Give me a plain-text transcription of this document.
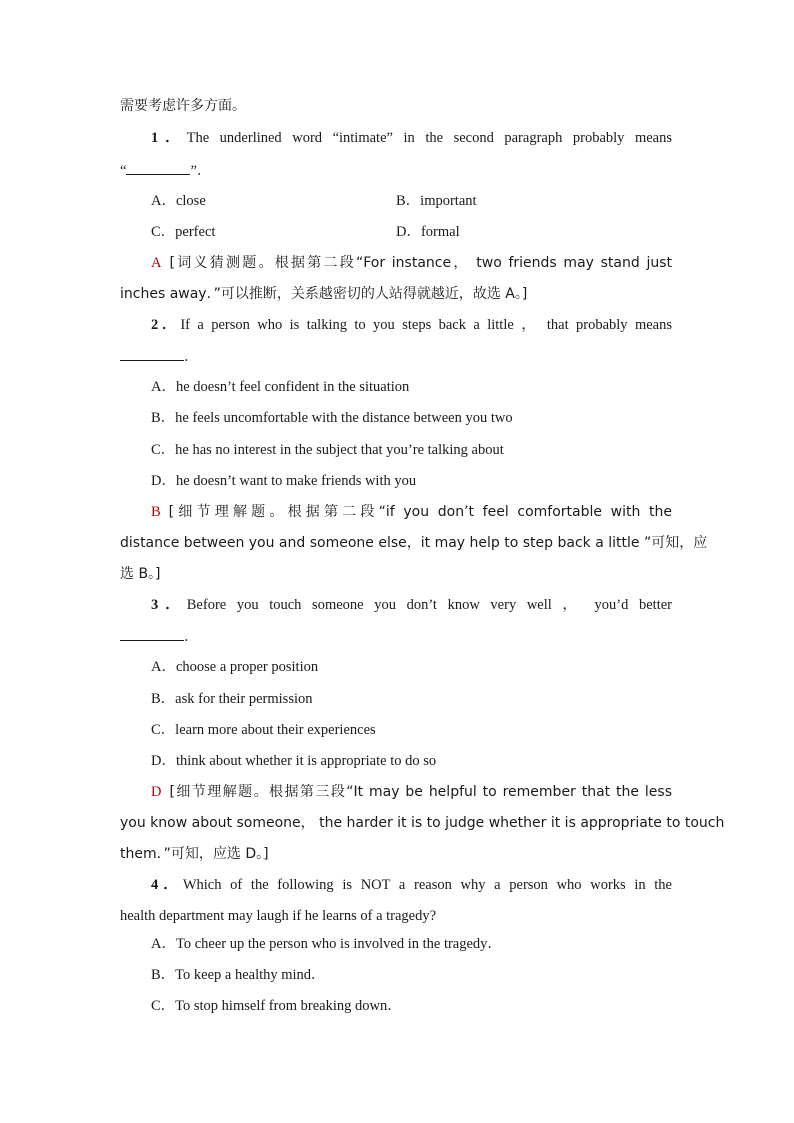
需要考虑许多方面。
1．The underlined word “intimate” in the second paragraph probably means
“	”．
A．close	B．important
C．perfect	D．formal
A [词义猜测题。根据第二段“For instance， two friends may stand just
inches away．”可以推断，关系越密切的人站得就越近，故选 A。]
2．If a person who is talking to you steps back a little ， that probably means
．
A．he doesn’t feel confident in the situation
B．he feels uncomfortable with the distance between you two
C．he has no interest in the subject that you’re talking about
D．he doesn’t want to make friends with you
B [细节理解题。根据第二段“if you don’t feel comfortable with the
distance between you and someone else，it may help to step back a little ”可知，应
选 B。]
3．Before you touch someone you don’t know very well ， you’d better
．
A．choose a proper position
B．ask for their permission
C．learn more about their experiences
D．think about whether it is appropriate to do so
D [细节理解题。根据第三段“It may be helpful to remember that the less
you know about someone， the harder it is to judge whether it is appropriate to touch
them．”可知，应选 D。]
4．Which of the following is NOT a reason why a person who works in the
health department may laugh if he learns of a tragedy?
A．To cheer up the person who is involved in the tragedy．
B．To keep a healthy mind．
C．To stop himself from breaking down．
